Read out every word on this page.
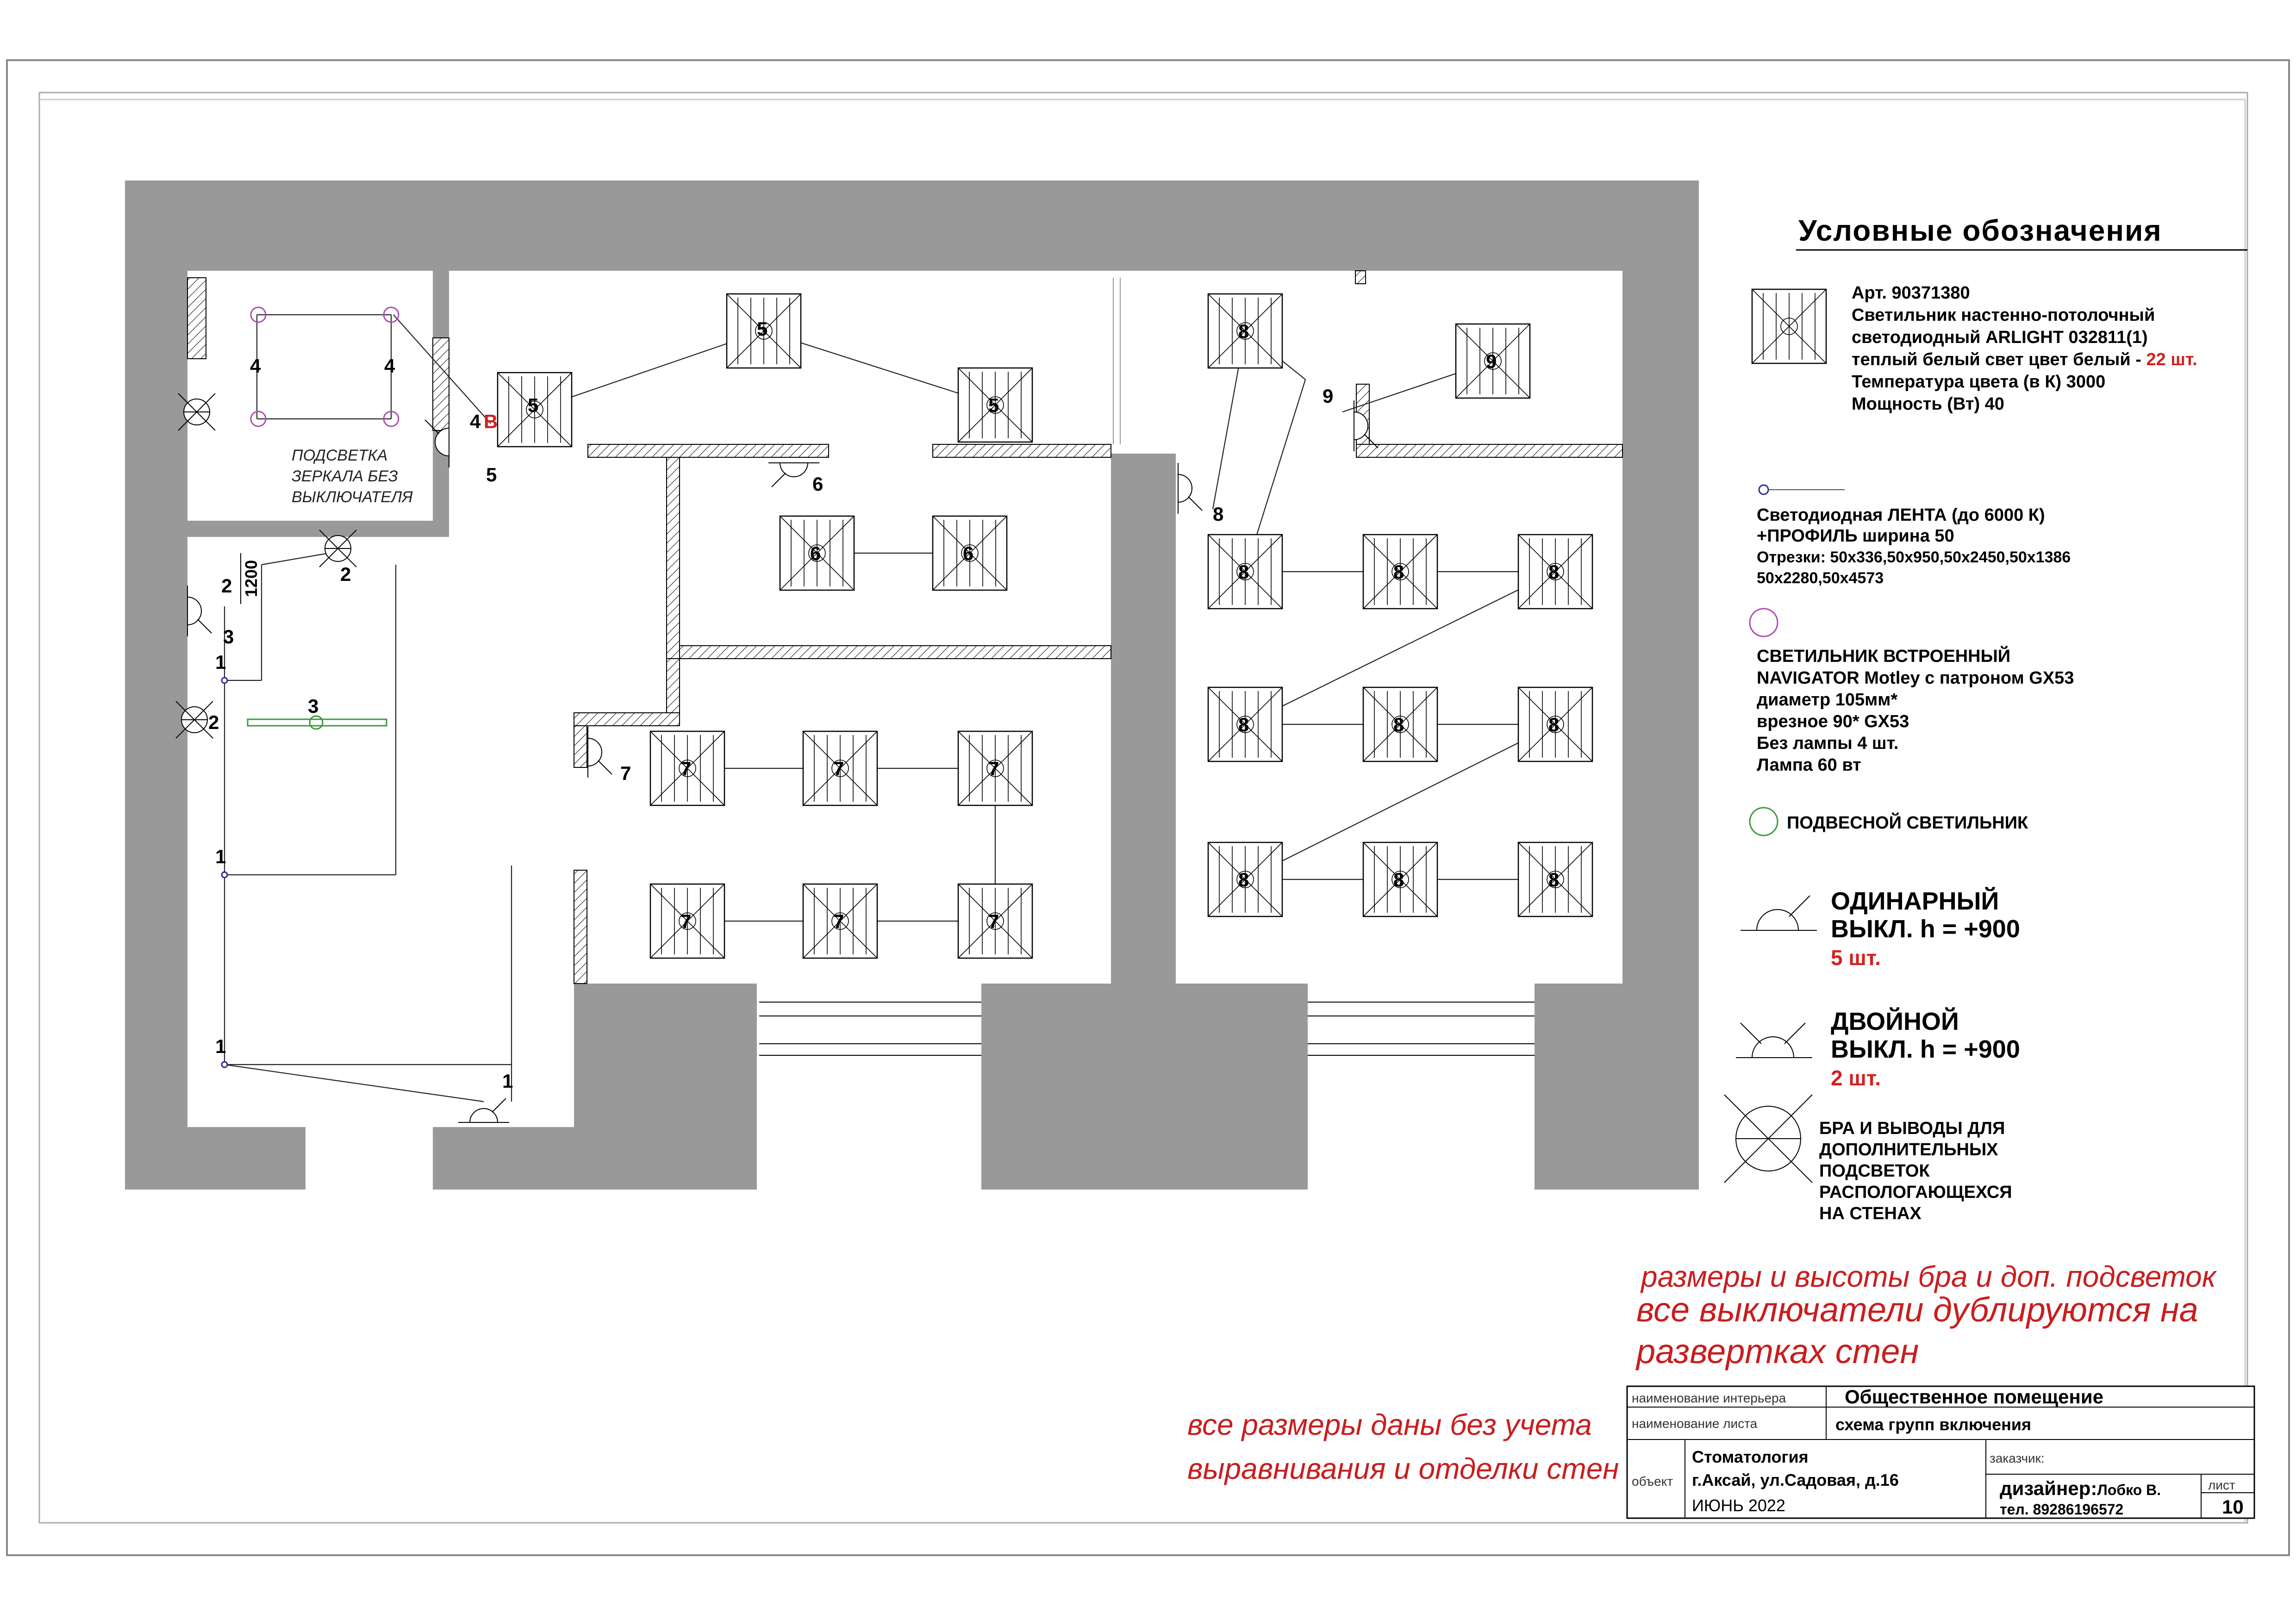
5
5
5
5
6	6
6
7	7	7
7	7	7
7
8
8	8	8
8	8	8
8	8	8
8
9
9
4	4
4 В
2
2
2
3
3
1
1
1
1
1200
ПОДСВЕТКА
ЗЕРКАЛА БЕЗ
ВЫКЛЮЧАТЕЛЯ
Условные обозначения
Арт. 90371380
Светильник настенно-потолочный
светодиодный ARLIGHT 032811(1)
теплый белый свет цвет белый - 22 шт.
Температура цвета (в К) 3000
Мощность (Вт) 40
Светодиодная ЛЕНТА (до 6000 К)
+ПРОФИЛЬ ширина 50
Отрезки: 50х336,50х950,50х2450,50х1386
50х2280,50х4573
СВЕТИЛЬНИК ВСТРОЕННЫЙ
NAVIGATOR Motley с патроном GX53
диаметр 105мм*
врезное 90* GX53
Без лампы 4 шт.
Лампа 60 вт
ПОДВЕСНОЙ СВЕТИЛЬНИК
ОДИНАРНЫЙ
ВЫКЛ. h = +900
5 шт.
ДВОЙНОЙ
ВЫКЛ. h = +900
2 шт.
БРА И ВЫВОДЫ ДЛЯ
ДОПОЛНИТЕЛЬНЫХ
ПОДСВЕТОК
РАСПОЛОГАЮЩЕХСЯ
НА СТЕНАХ
размеры и высоты бра и доп. подсветок
все выключатели дублируются на
развертках стен
все размеры даны без учета
выравнивания и отделки стен
наименование интерьера	Общественное помещение
наименование листа	схема групп включения
объект
Стоматология
г.Аксай, ул.Садовая, д.16
ИЮНЬ 2022
заказчик:
дизайнер:Лобко В.
тел. 89286196572
лист
10
